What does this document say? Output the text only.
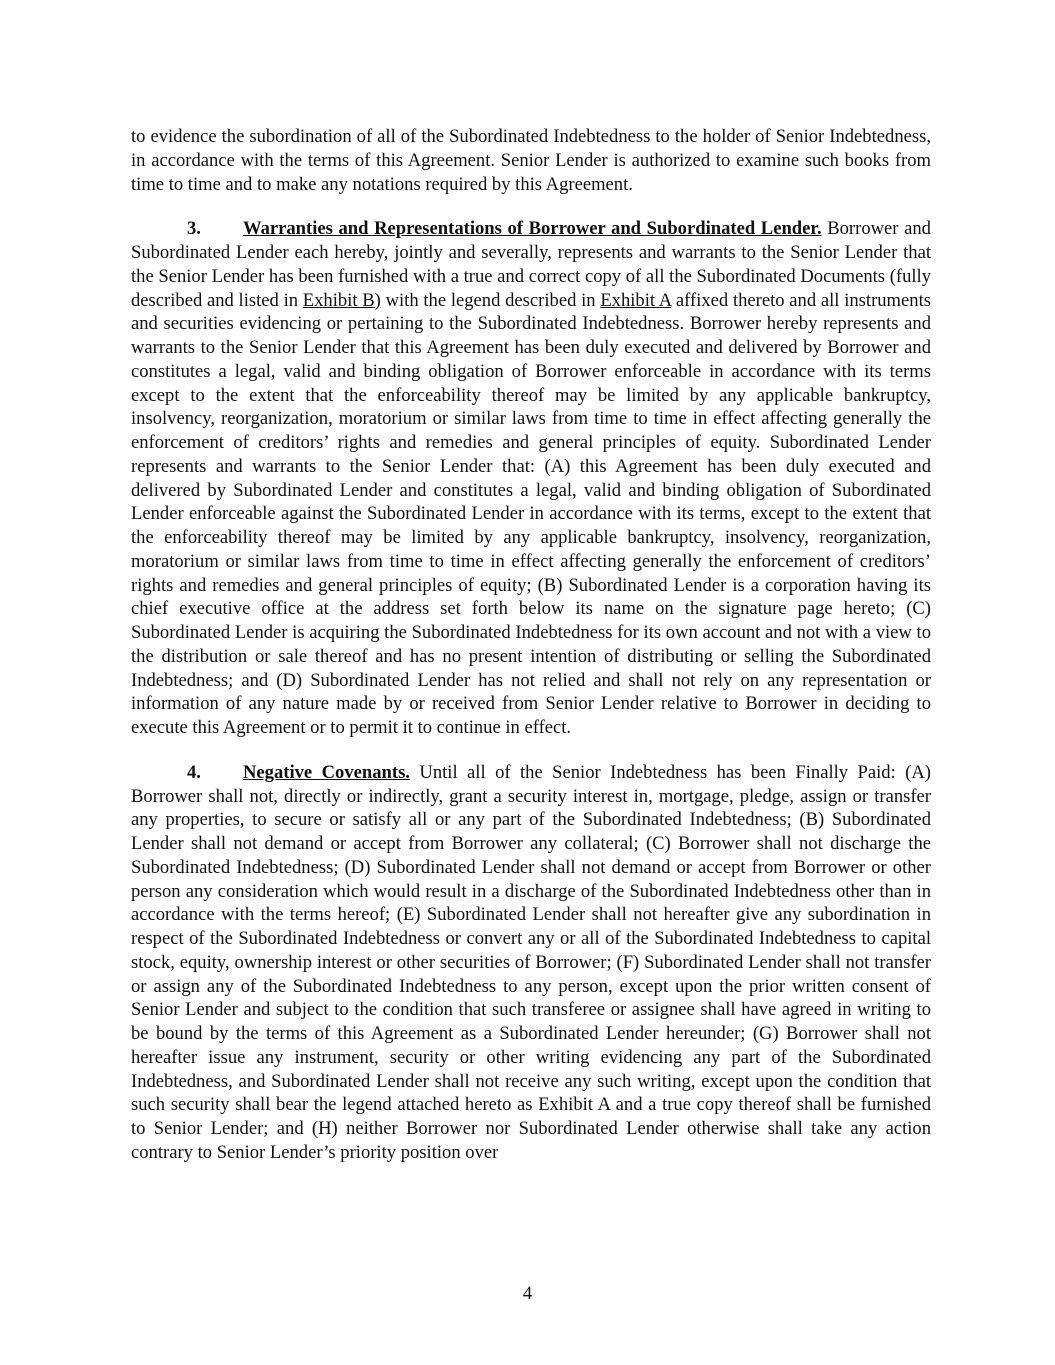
to evidence the subordination of all of the Subordinated Indebtedness to the holder of Senior Indebtedness, in accordance with the terms of this Agreement. Senior Lender is authorized to examine such books from time to time and to make any notations required by this Agreement.

3. Warranties and Representations of Borrower and Subordinated Lender. Borrower and Subordinated Lender each hereby, jointly and severally, represents and warrants to the Senior Lender that the Senior Lender has been furnished with a true and correct copy of all the Subordinated Documents (fully described and listed in Exhibit B) with the legend described in Exhibit A affixed thereto and all instruments and securities evidencing or pertaining to the Subordinated Indebtedness. Borrower hereby represents and warrants to the Senior Lender that this Agreement has been duly executed and delivered by Borrower and constitutes a legal, valid and binding obligation of Borrower enforceable in accordance with its terms except to the extent that the enforceability thereof may be limited by any applicable bankruptcy, insolvency, reorganization, moratorium or similar laws from time to time in effect affecting generally the enforcement of creditors’ rights and remedies and general principles of equity. Subordinated Lender represents and warrants to the Senior Lender that: (A) this Agreement has been duly executed and delivered by Subordinated Lender and constitutes a legal, valid and binding obligation of Subordinated Lender enforceable against the Subordinated Lender in accordance with its terms, except to the extent that the enforceability thereof may be limited by any applicable bankruptcy, insolvency, reorganization, moratorium or similar laws from time to time in effect affecting generally the enforcement of creditors’ rights and remedies and general principles of equity; (B) Subordinated Lender is a corporation having its chief executive office at the address set forth below its name on the signature page hereto; (C) Subordinated Lender is acquiring the Subordinated Indebtedness for its own account and not with a view to the distribution or sale thereof and has no present intention of distributing or selling the Subordinated Indebtedness; and (D) Subordinated Lender has not relied and shall not rely on any representation or information of any nature made by or received from Senior Lender relative to Borrower in deciding to execute this Agreement or to permit it to continue in effect.

4. Negative Covenants. Until all of the Senior Indebtedness has been Finally Paid: (A) Borrower shall not, directly or indirectly, grant a security interest in, mortgage, pledge, assign or transfer any properties, to secure or satisfy all or any part of the Subordinated Indebtedness; (B) Subordinated Lender shall not demand or accept from Borrower any collateral; (C) Borrower shall not discharge the Subordinated Indebtedness; (D) Subordinated Lender shall not demand or accept from Borrower or other person any consideration which would result in a discharge of the Subordinated Indebtedness other than in accordance with the terms hereof; (E) Subordinated Lender shall not hereafter give any subordination in respect of the Subordinated Indebtedness or convert any or all of the Subordinated Indebtedness to capital stock, equity, ownership interest or other securities of Borrower; (F) Subordinated Lender shall not transfer or assign any of the Subordinated Indebtedness to any person, except upon the prior written consent of Senior Lender and subject to the condition that such transferee or assignee shall have agreed in writing to be bound by the terms of this Agreement as a Subordinated Lender hereunder; (G) Borrower shall not hereafter issue any instrument, security or other writing evidencing any part of the Subordinated Indebtedness, and Subordinated Lender shall not receive any such writing, except upon the condition that such security shall bear the legend attached hereto as Exhibit A and a true copy thereof shall be furnished to Senior Lender; and (H) neither Borrower nor Subordinated Lender otherwise shall take any action contrary to Senior Lender’s priority position over

4
